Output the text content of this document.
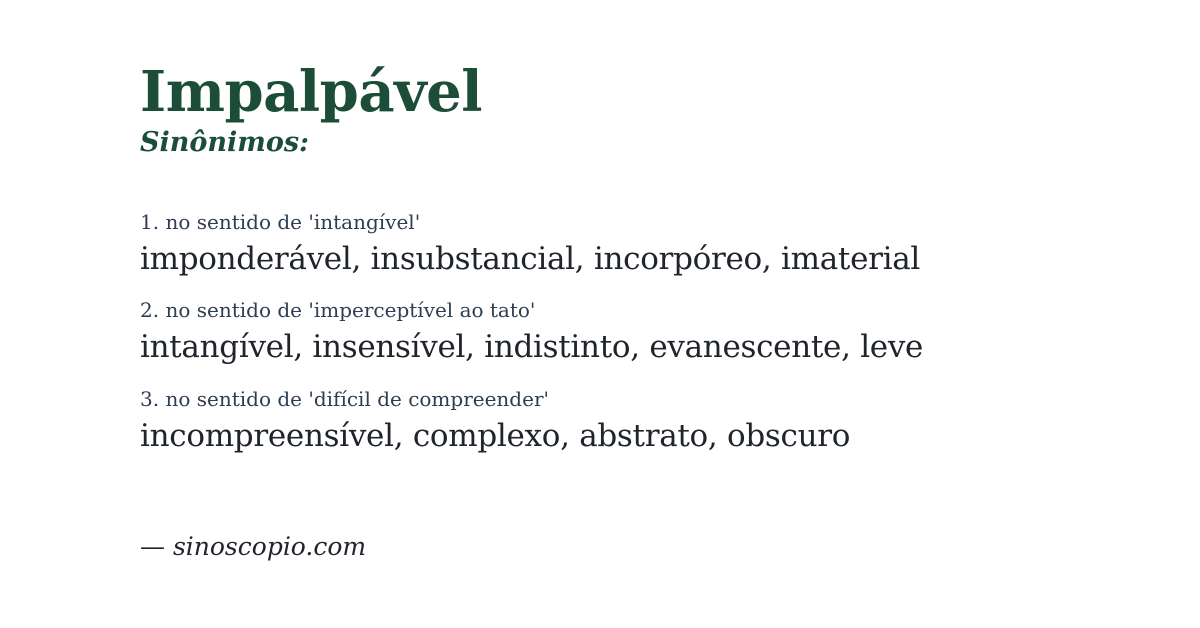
Impalpável
Sinônimos:
1. no sentido de 'intangível'
imponderável, insubstancial, incorpóreo, imaterial
2. no sentido de 'imperceptível ao tato'
intangível, insensível, indistinto, evanescente, leve
3. no sentido de 'difícil de compreender'
incompreensível, complexo, abstrato, obscuro
— sinoscopio.com
